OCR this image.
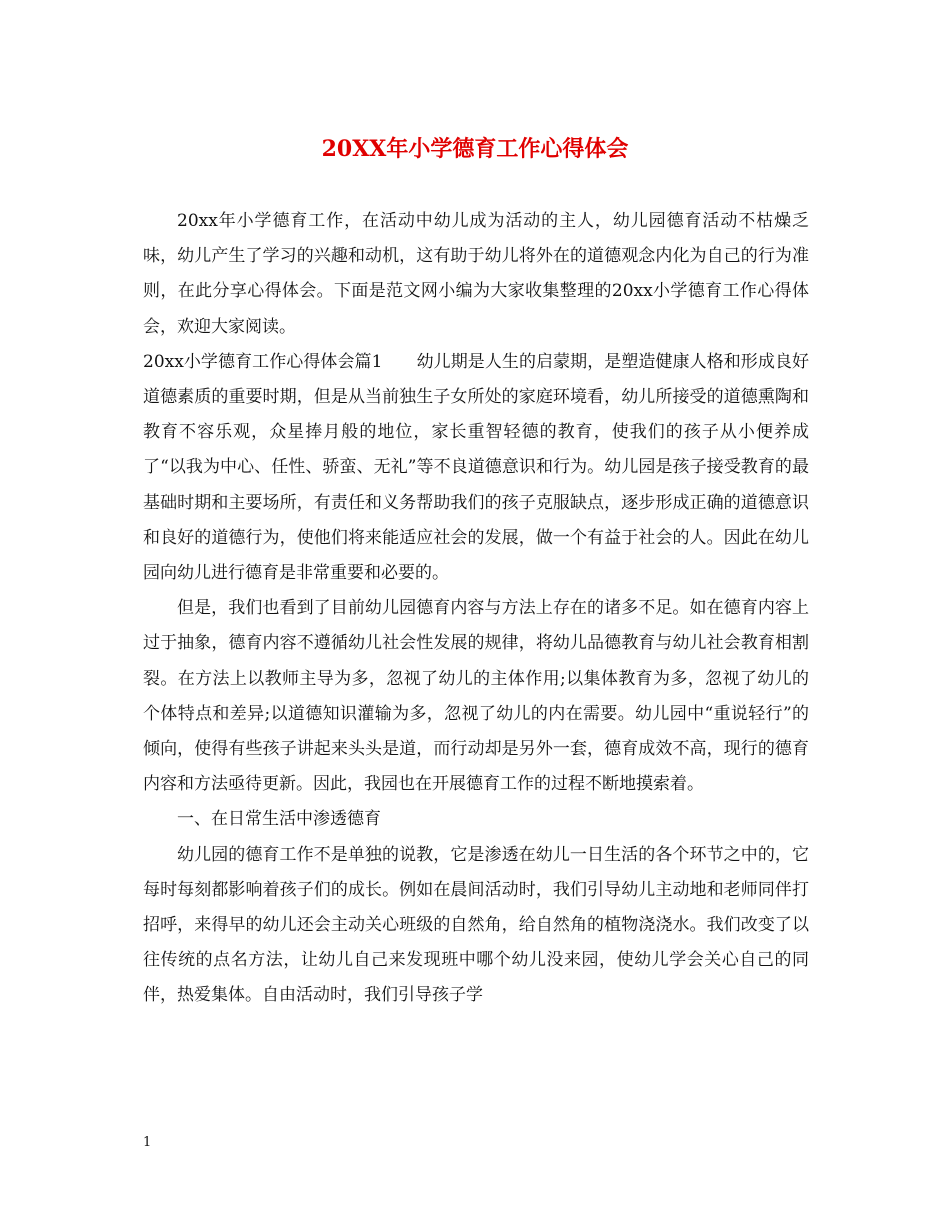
20XX年小学德育工作心得体会

20xx年小学德育工作，在活动中幼儿成为活动的主人，幼儿园德育活动不枯燥乏味，幼儿产生了学习的兴趣和动机，这有助于幼儿将外在的道德观念内化为自己的行为准则，在此分享心得体会。下面是范文网小编为大家收集整理的20xx小学德育工作心得体会，欢迎大家阅读。

20xx小学德育工作心得体会篇1　　幼儿期是人生的启蒙期，是塑造健康人格和形成良好道德素质的重要时期，但是从当前独生子女所处的家庭环境看，幼儿所接受的道德熏陶和教育不容乐观，众星捧月般的地位，家长重智轻德的教育，使我们的孩子从小便养成了“以我为中心、任性、骄蛮、无礼”等不良道德意识和行为。幼儿园是孩子接受教育的最基础时期和主要场所，有责任和义务帮助我们的孩子克服缺点，逐步形成正确的道德意识和良好的道德行为，使他们将来能适应社会的发展，做一个有益于社会的人。因此在幼儿园向幼儿进行德育是非常重要和必要的。

但是，我们也看到了目前幼儿园德育内容与方法上存在的诸多不足。如在德育内容上过于抽象，德育内容不遵循幼儿社会性发展的规律，将幼儿品德教育与幼儿社会教育相割裂。在方法上以教师主导为多，忽视了幼儿的主体作用;以集体教育为多，忽视了幼儿的个体特点和差异;以道德知识灌输为多，忽视了幼儿的内在需要。幼儿园中“重说轻行”的倾向，使得有些孩子讲起来头头是道，而行动却是另外一套，德育成效不高，现行的德育内容和方法亟待更新。因此，我园也在开展德育工作的过程不断地摸索着。

一、在日常生活中渗透德育

幼儿园的德育工作不是单独的说教，它是渗透在幼儿一日生活的各个环节之中的，它每时每刻都影响着孩子们的成长。例如在晨间活动时，我们引导幼儿主动地和老师同伴打招呼，来得早的幼儿还会主动关心班级的自然角，给自然角的植物浇浇水。我们改变了以往传统的点名方法，让幼儿自己来发现班中哪个幼儿没来园，使幼儿学会关心自己的同伴，热爱集体。自由活动时，我们引导孩子学

1
